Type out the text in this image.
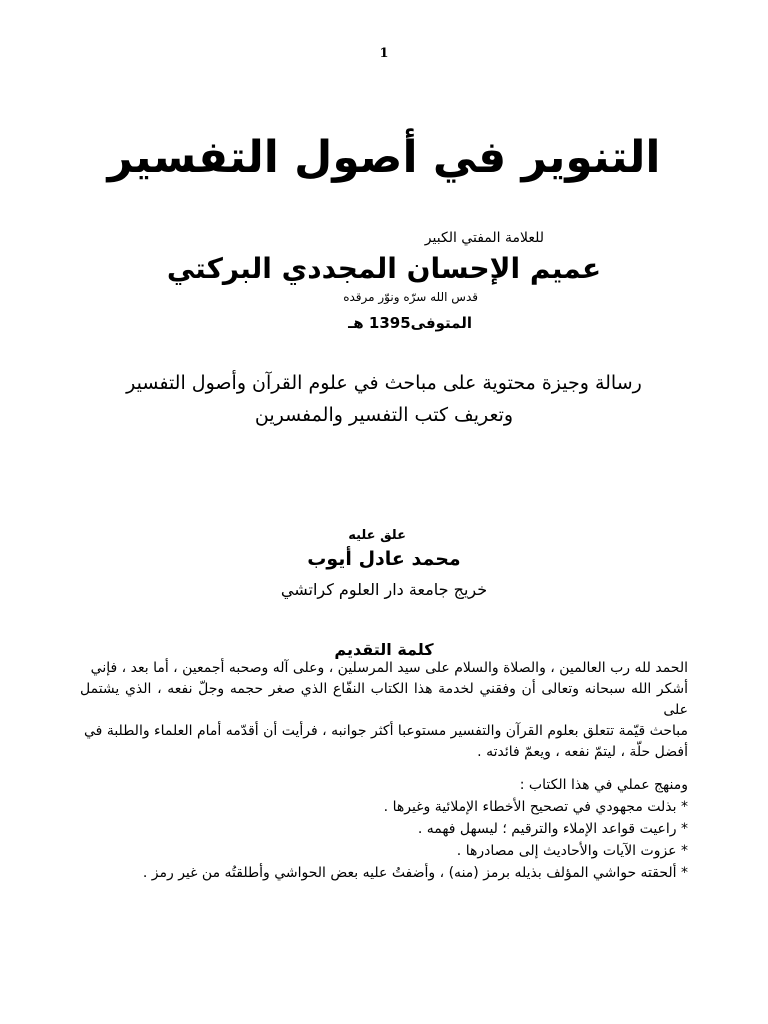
1
التنوير في أصول التفسير
للعلامة المفتي الكبير
عميم الإحسان المجددي البركتي
قدس الله سرّه ونوّر مرقده
المتوفى1395 هـ
رسالة وجيزة محتوية على مباحث في علوم القرآن وأصول التفسير
وتعريف كتب التفسير والمفسرين
علق عليه
محمد عادل أيوب
خريج جامعة دار العلوم كراتشي
كلمة التقديم
الحمد لله رب العالمين ، والصلاة والسلام على سيد المرسلين ، وعلى آله وصحبه أجمعين ، أما بعد ، فإني
أشكر الله سبحانه وتعالى أن وفقني لخدمة هذا الكتاب النفّاع الذي صغر حجمه وجلّ نفعه ، الذي يشتمل على
مباحث قيّمة تتعلق بعلوم القرآن والتفسير مستوعبا أكثر جوانبه ، فرأيت أن أقدّمه أمام العلماء والطلبة في
أفضل حلّة ، ليتمّ نفعه ، ويعمّ فائدته .
ومنهج عملي في هذا الكتاب :
* بذلت مجهودي في تصحيح الأخطاء الإملائية وغيرها .
* راعيت قواعد الإملاء والترقيم ؛ ليسهل فهمه .
* عزوت الآيات والأحاديث إلى مصادرها .
* ألحقته حواشي المؤلف بذيله برمز (منه) ، وأضفتُ عليه بعض الحواشي وأطلقتُه من غير رمز .
